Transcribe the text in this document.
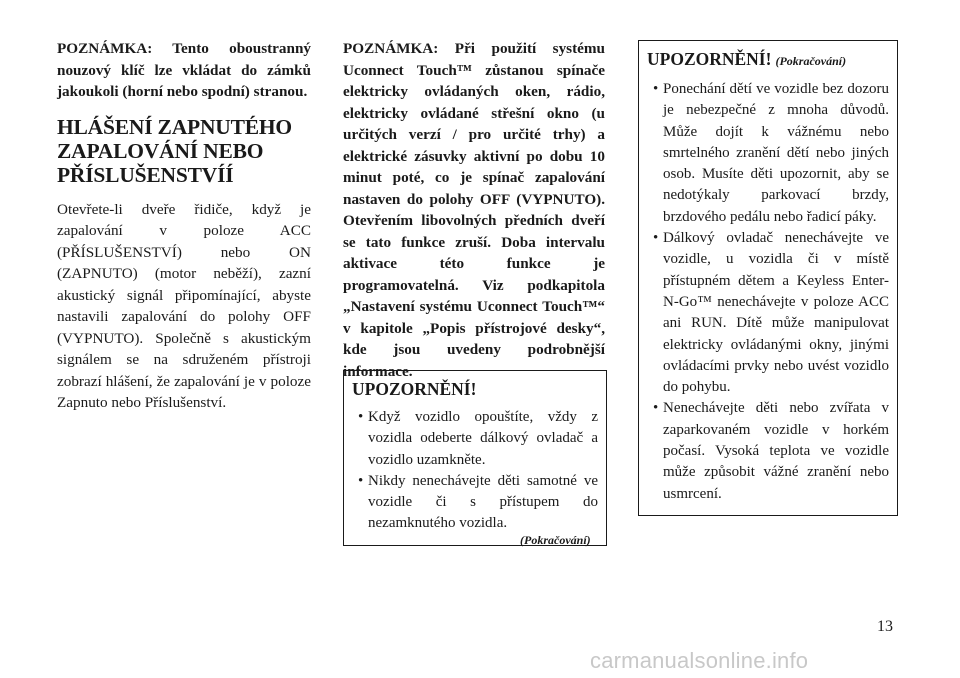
POZNÁMKA: Tento oboustranný nouzový klíč lze vkládat do zámků jakoukoli (horní nebo spodní) stranou.

HLÁŠENÍ ZAPNUTÉHO
ZAPALOVÁNÍ NEBO
PŘÍSLUŠENSTVÍÍ

Otevřete-li dveře řidiče, když je zapalování v poloze ACC (PŘÍSLUŠENSTVÍ) nebo ON (ZAPNUTO) (motor neběží), zazní akustický signál připomínající, abyste nastavili zapalování do polohy OFF (VYPNUTO). Společně s akustickým signálem se na sdruženém přístroji zobrazí hlášení, že zapalování je v poloze Zapnuto nebo Příslušenství.

POZNÁMKA: Při použití systému Uconnect Touch™ zůstanou spínače elektricky ovládaných oken, rádio, elektricky ovládané střešní okno (u určitých verzí / pro určité trhy) a elektrické zásuvky aktivní po dobu 10 minut poté, co je spínač zapalování nastaven do polohy OFF (VYPNUTO). Otevřením libovolných předních dveří se tato funkce zruší. Doba intervalu aktivace této funkce je programovatelná. Viz podkapitola „Nastavení systému Uconnect Touch™“ v kapitole „Popis přístrojové desky“, kde jsou uvedeny podrobnější informace.

UPOZORNĚNÍ!
• Když vozidlo opouštíte, vždy z vozidla odeberte dálkový ovladač a vozidlo uzamkněte.
• Nikdy nenechávejte děti samotné ve vozidle či s přístupem do nezamknutého vozidla.
(Pokračování)
UPOZORNĚNÍ! (Pokračování)
• Ponechání dětí ve vozidle bez dozoru je nebezpečné z mnoha důvodů. Může dojít k vážnému nebo smrtelného zranění dětí nebo jiných osob. Musíte děti upozornit, aby se nedotýkaly parkovací brzdy, brzdového pedálu nebo řadicí páky.
• Dálkový ovladač nenechávejte ve vozidle, u vozidla či v místě přístupném dětem a Keyless Enter-N-Go™ nenechávejte v poloze ACC ani RUN. Dítě může manipulovat elektricky ovládanými okny, jinými ovládacími prvky nebo uvést vozidlo do pohybu.
• Nenechávejte děti nebo zvířata v zaparkovaném vozidle v horkém počasí. Vysoká teplota ve vozidle může způsobit vážné zranění nebo usmrcení.
13
carmanualsonline.info
